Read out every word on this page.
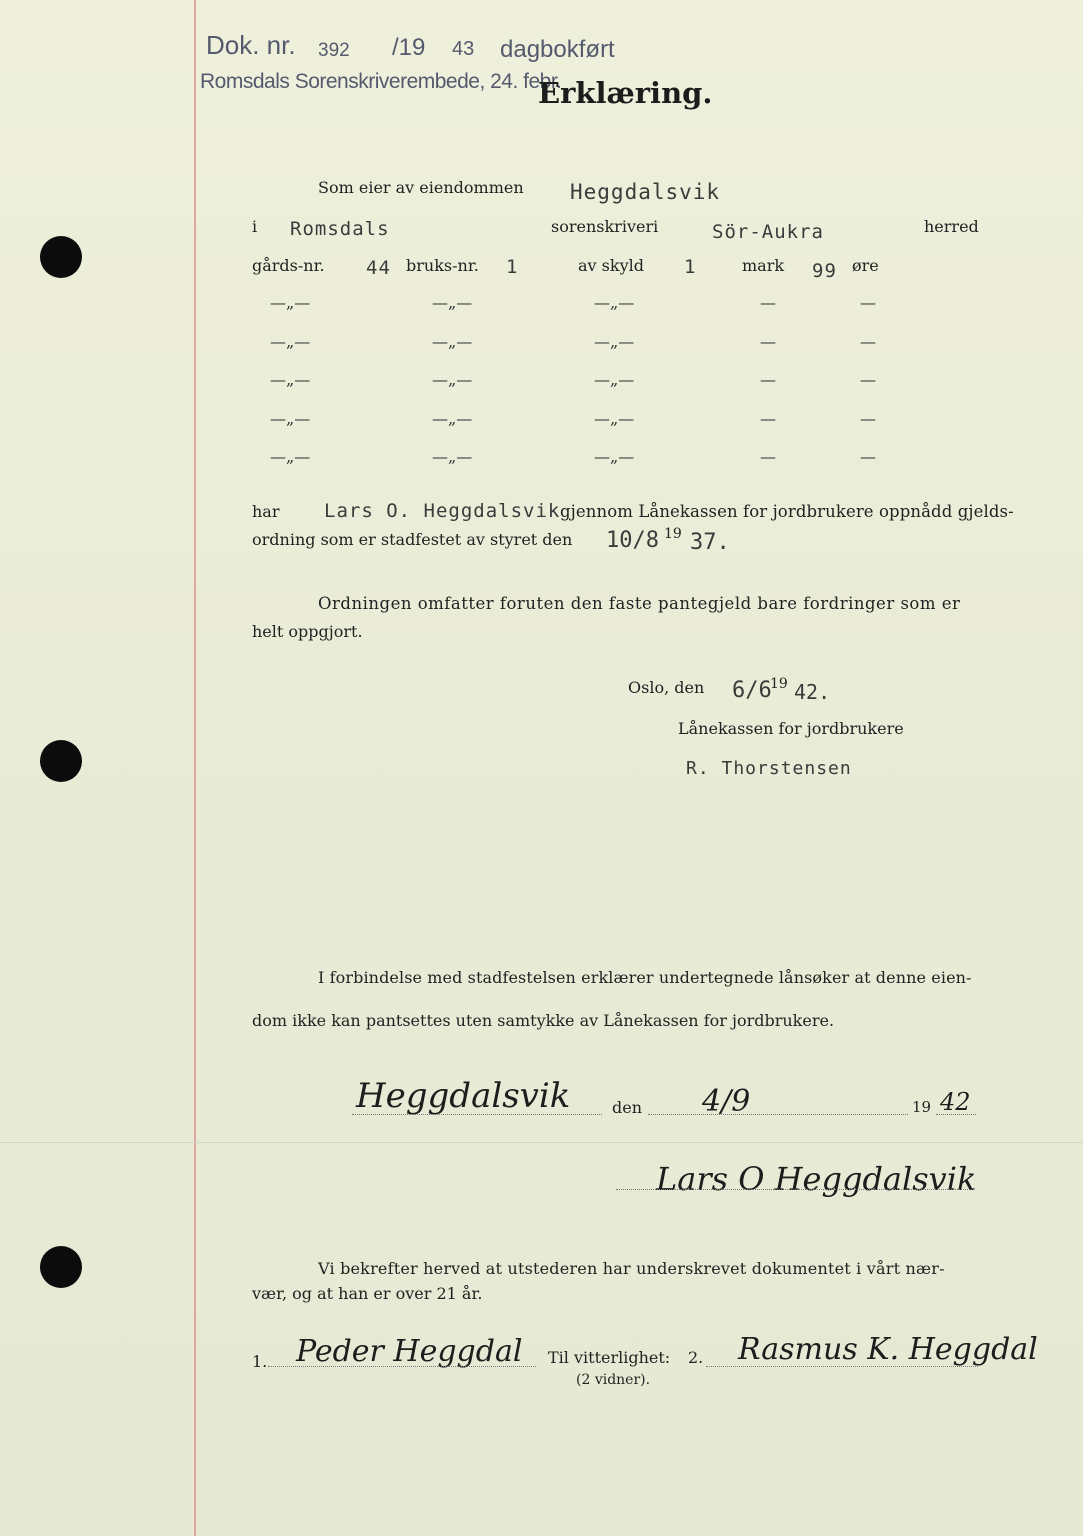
Dok. nr. 392 /19 43 dagbokført
Romsdals Sorenskriverembede, 24. febr.
Erklæring.
Som eier av eiendommen Heggdalsvik
i Romsdals	sorenskriveri	Sör-Aukra	herred
gårds-nr. 44 bruks-nr. 1	av skyld 1	mark 99 øre
—„—	—„—	—„—	—	—
—„—	—„—	—„—	—	—
—„—	—„—	—„—	—	—
—„—	—„—	—„—	—	—
—„—	—„—	—„—	—	—
har Lars O. Heggdalsvik gjennom Lånekassen for jordbrukere oppnådd gjelds-
ordning som er stadfestet av styret den 10/8 19 37.
Ordningen omfatter foruten den faste pantegjeld bare fordringer som er
helt oppgjort.
Oslo, den 6/6
19 42.
Lånekassen for jordbrukere
R. Thorstensen
I forbindelse med stadfestelsen erklærer undertegnede lånsøker at denne eien-
dom ikke kan pantsettes uten samtykke av Lånekassen for jordbrukere.
Heggdalsvik	den 4/9	19 42
Lars O Heggdalsvik
Vi bekrefter herved at utstederen har underskrevet dokumentet i vårt nær-
vær, og at han er over 21 år.
1. Peder Heggdal Til vitterlighet: 2. Rasmus K. Heggdal
(2 vidner).
